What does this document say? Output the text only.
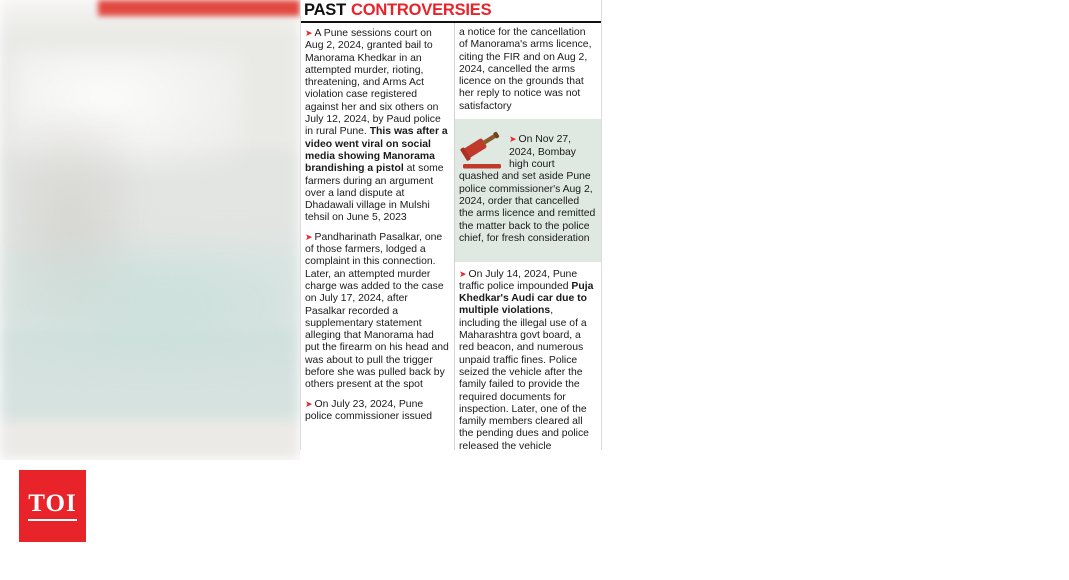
TOI
PAST CONTROVERSIES

➤ A Pune sessions court on Aug 2, 2024, granted bail to Manorama Khedkar in an attempted murder, rioting, threatening, and Arms Act violation case registered against her and six others on July 12, 2024, by Paud police in rural Pune. This was after a video went viral on social media showing Manorama brandishing a pistol at some farmers during an argument over a land dispute at Dhadawali village in Mulshi tehsil on June 5, 2023

➤ Pandharinath Pasalkar, one of those farmers, lodged a complaint in this connection. Later, an attempted murder charge was added to the case on July 17, 2024, after Pasalkar recorded a supplementary statement alleging that Manorama had put the firearm on his head and was about to pull the trigger before she was pulled back by others present at the spot

➤ On July 23, 2024, Pune police commissioner issued

a notice for the cancellation of Manorama's arms licence, citing the FIR and on Aug 2, 2024, cancelled the arms licence on the grounds that her reply to notice was not satisfactory

➤ On Nov 27, 2024, Bombay high court quashed and set aside Pune police commissioner's Aug 2, 2024, order that cancelled the arms licence and remitted the matter back to the police chief, for fresh consideration

➤ On July 14, 2024, Pune traffic police impounded Puja Khedkar's Audi car due to multiple violations, including the illegal use of a Maharashtra govt board, a red beacon, and numerous unpaid traffic fines. Police seized the vehicle after the family failed to provide the required documents for inspection. Later, one of the family members cleared all the pending dues and police released the vehicle
